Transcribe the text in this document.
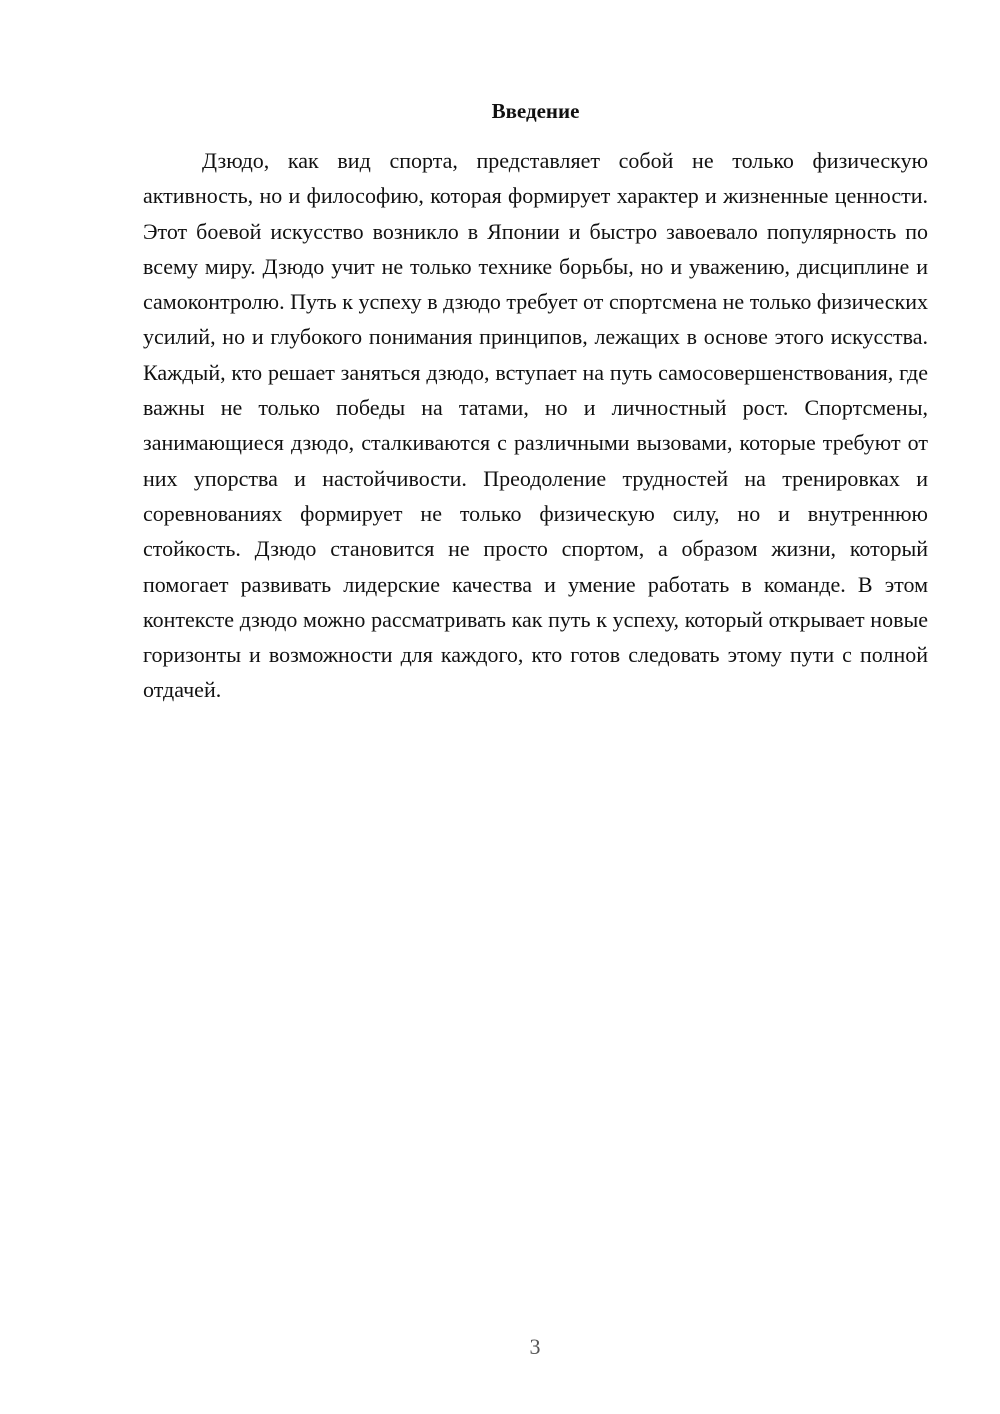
Введение

Дзюдо, как вид спорта, представляет собой не только физическую активность, но и философию, которая формирует характер и жизненные ценности. Этот боевой искусство возникло в Японии и быстро завоевало популярность по всему миру. Дзюдо учит не только технике борьбы, но и уважению, дисциплине и самоконтролю. Путь к успеху в дзюдо требует от спортсмена не только физических усилий, но и глубокого понимания принципов, лежащих в основе этого искусства. Каждый, кто решает заняться дзюдо, вступает на путь самосовершенствования, где важны не только победы на татами, но и личностный рост. Спортсмены, занимающиеся дзюдо, сталкиваются с различными вызовами, которые требуют от них упорства и настойчивости. Преодоление трудностей на тренировках и соревнованиях формирует не только физическую силу, но и внутреннюю стойкость. Дзюдо становится не просто спортом, а образом жизни, который помогает развивать лидерские качества и умение работать в команде. В этом контексте дзюдо можно рассматривать как путь к успеху, который открывает новые горизонты и возможности для каждого, кто готов следовать этому пути с полной отдачей.

3
